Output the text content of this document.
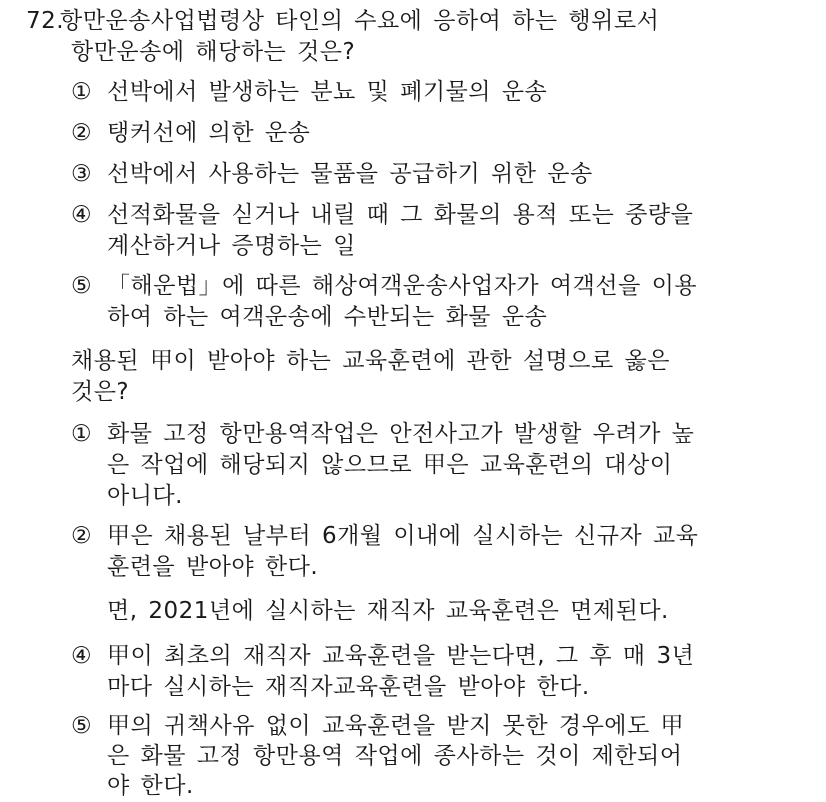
72.항만운송사업법령상 타인의 수요에 응하여 하는 행위로서
항만운송에 해당하는 것은?
① 선박에서 발생하는 분뇨 및 폐기물의 운송
② 탱커선에 의한 운송
③ 선박에서 사용하는 물품을 공급하기 위한 운송
④ 선적화물을 싣거나 내릴 때 그 화물의 용적 또는 중량을
계산하거나 증명하는 일
⑤ 「해운법」에 따른 해상여객운송사업자가 여객선을 이용
하여 하는 여객운송에 수반되는 화물 운송
채용된 甲이 받아야 하는 교육훈련에 관한 설명으로 옳은
것은?
① 화물 고정 항만용역작업은 안전사고가 발생할 우려가 높
은 작업에 해당되지 않으므로 甲은 교육훈련의 대상이
아니다.
② 甲은 채용된 날부터 6개월 이내에 실시하는 신규자 교육
훈련을 받아야 한다.
면, 2021년에 실시하는 재직자 교육훈련은 면제된다.
④ 甲이 최초의 재직자 교육훈련을 받는다면, 그 후 매 3년
마다 실시하는 재직자교육훈련을 받아야 한다.
⑤ 甲의 귀책사유 없이 교육훈련을 받지 못한 경우에도 甲
은 화물 고정 항만용역 작업에 종사하는 것이 제한되어
야 한다.
